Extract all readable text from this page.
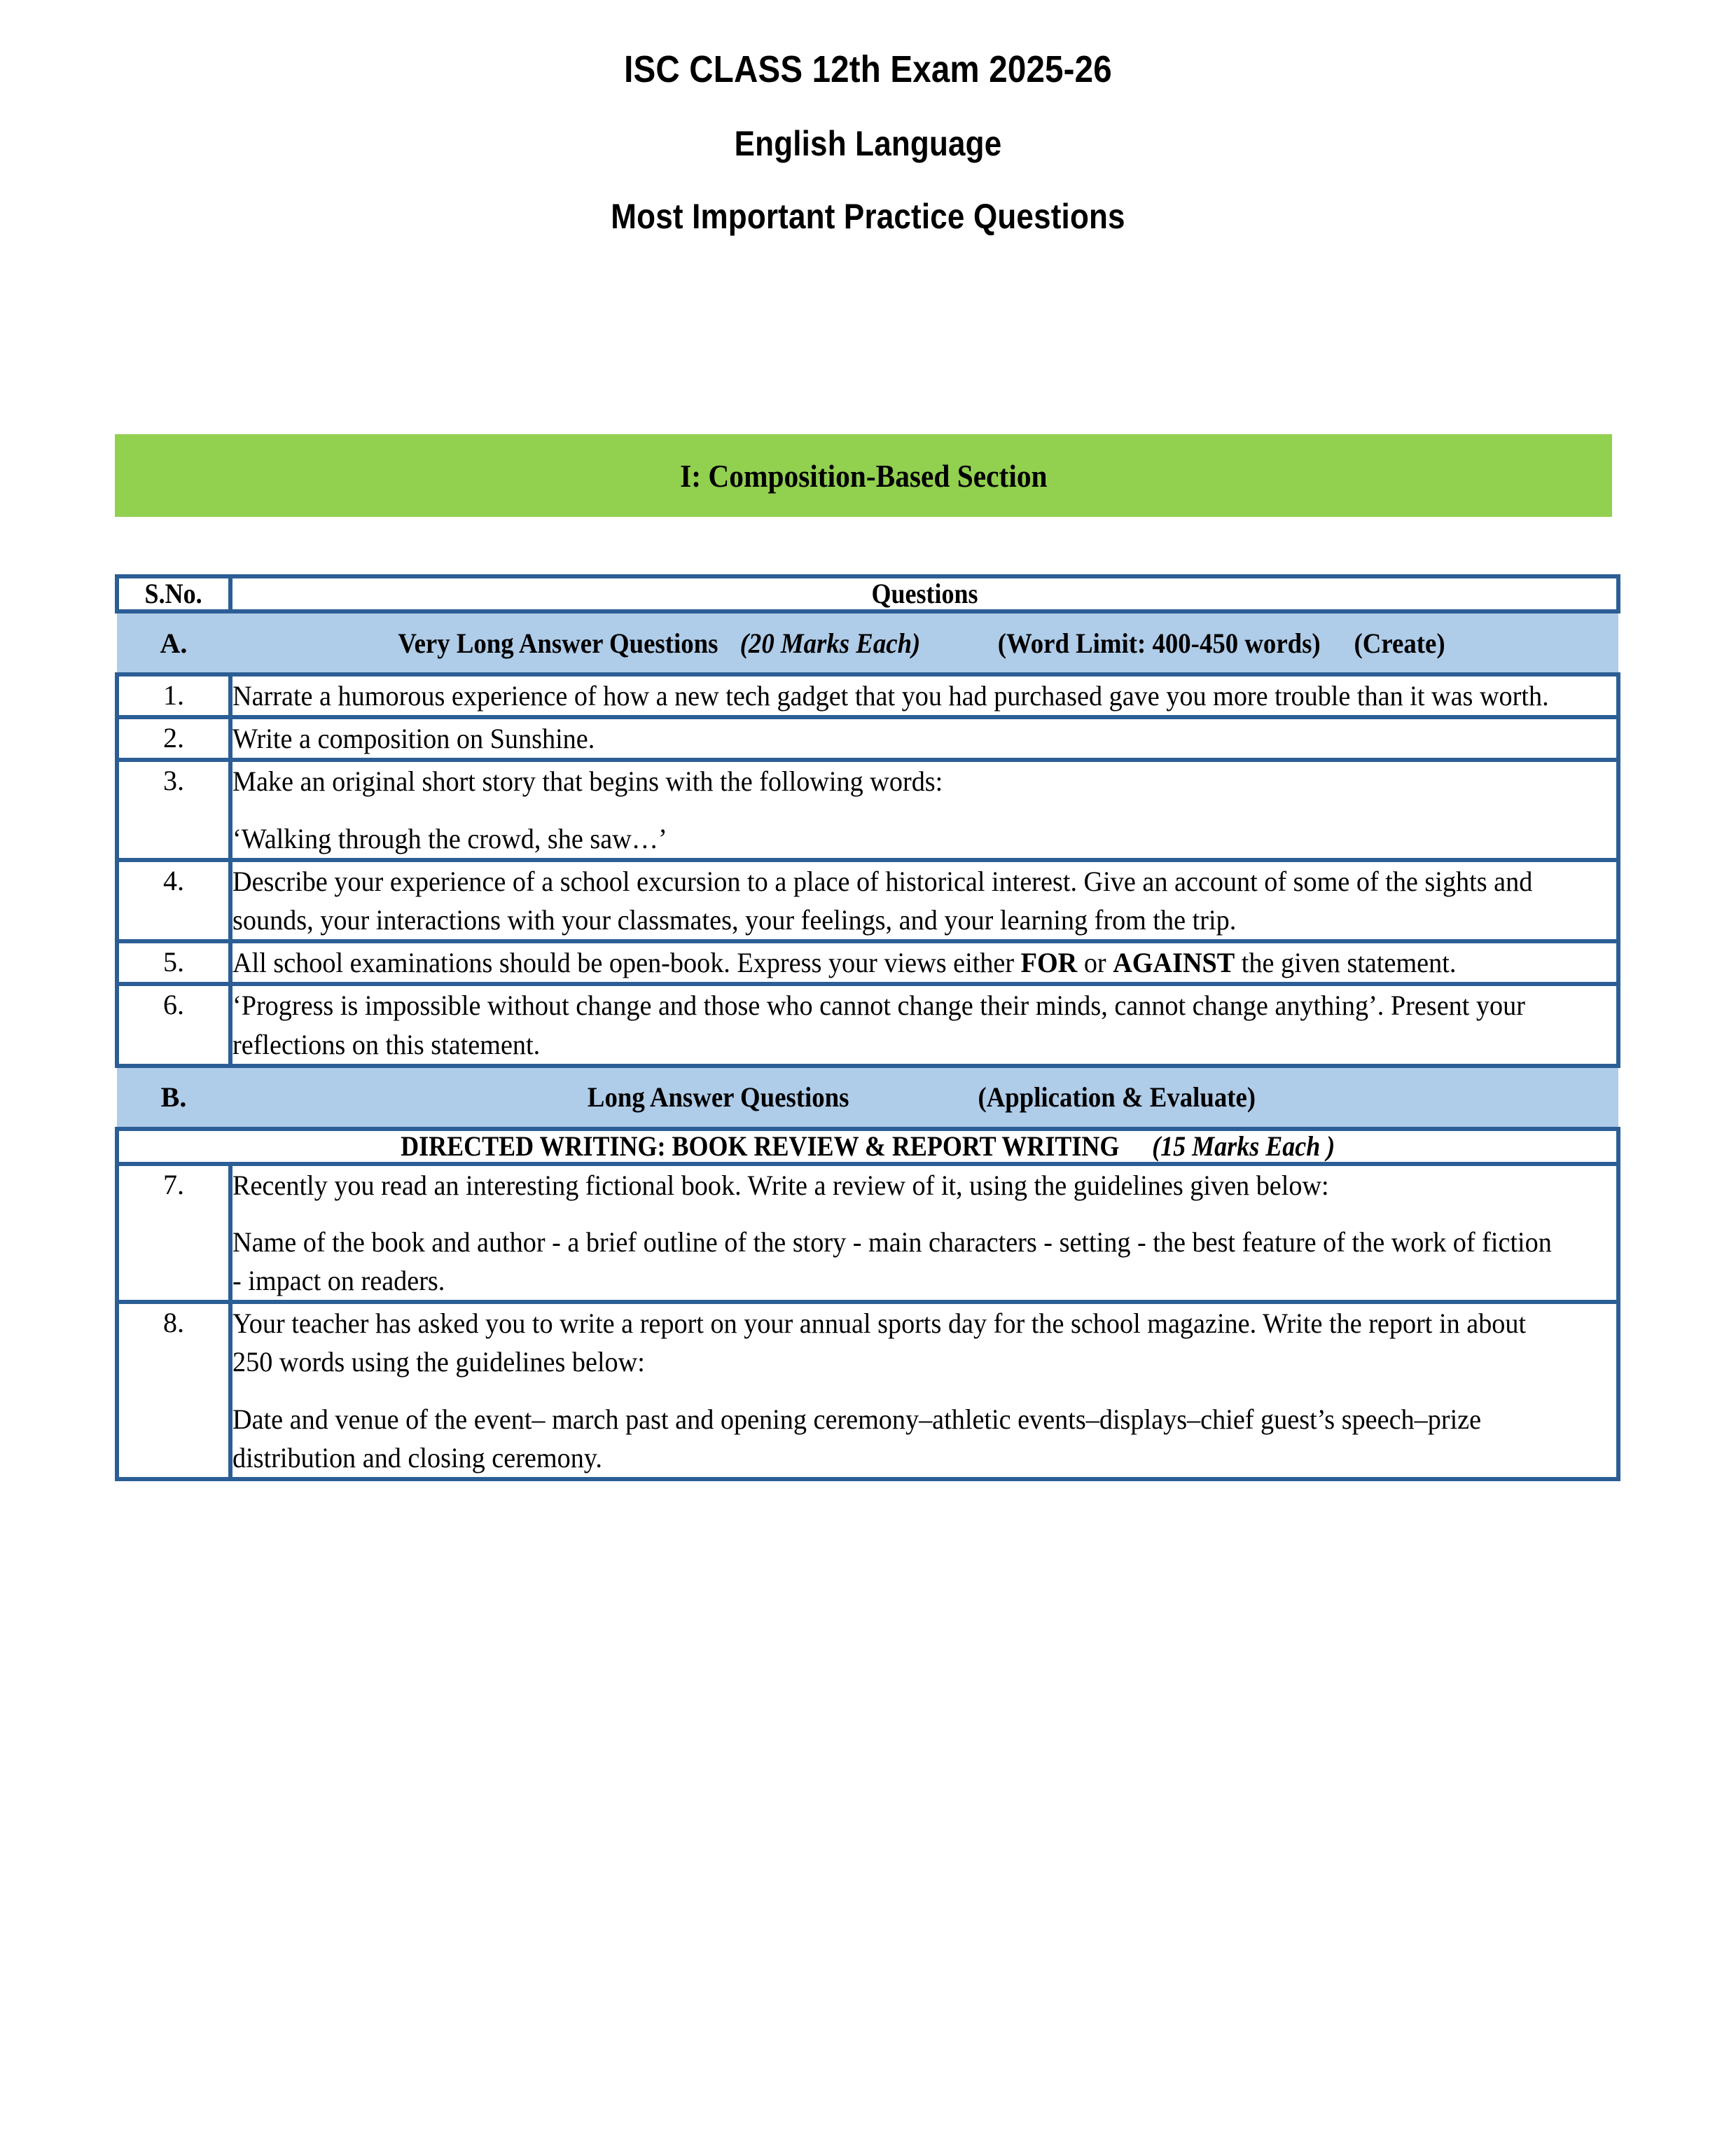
ISC CLASS 12th Exam 2025-26
English Language
Most Important Practice Questions
I: Composition-Based Section
S.No.	Questions

A. Very Long Answer Questions (20 Marks Each) (Word Limit: 400-450 words) (Create)	

1.	Narrate a humorous experience of how a new tech gadget that you had purchased gave you more trouble than it was worth.

2.	Write a composition on Sunshine.

3.	Make an original short story that begins with the following words:

‘Walking through the crowd, she saw…’

4.	Describe your experience of a school excursion to a place of historical interest. Give an account of some of the sights and sounds, your interactions with your classmates, your feelings, and your learning from the trip.

5.	All school examinations should be open-book. Express your views either FOR or AGAINST the given statement.

6.	‘Progress is impossible without change and those who cannot change their minds, cannot change anything’. Present your reflections on this statement.

B. Long Answer Questions (Application & Evaluate)	

DIRECTED WRITING: BOOK REVIEW & REPORT WRITING (15 Marks Each )	
7.	Recently you read an interesting fictional book. Write a review of it, using the guidelines given below:

Name of the book and author - a brief outline of the story - main characters - setting - the best feature of the work of fiction - impact on readers.

8.	Your teacher has asked you to write a report on your annual sports day for the school magazine. Write the report in about 250 words using the guidelines below:

Date and venue of the event– march past and opening ceremony–athletic events–displays–chief guest’s speech–prize distribution and closing ceremony.
